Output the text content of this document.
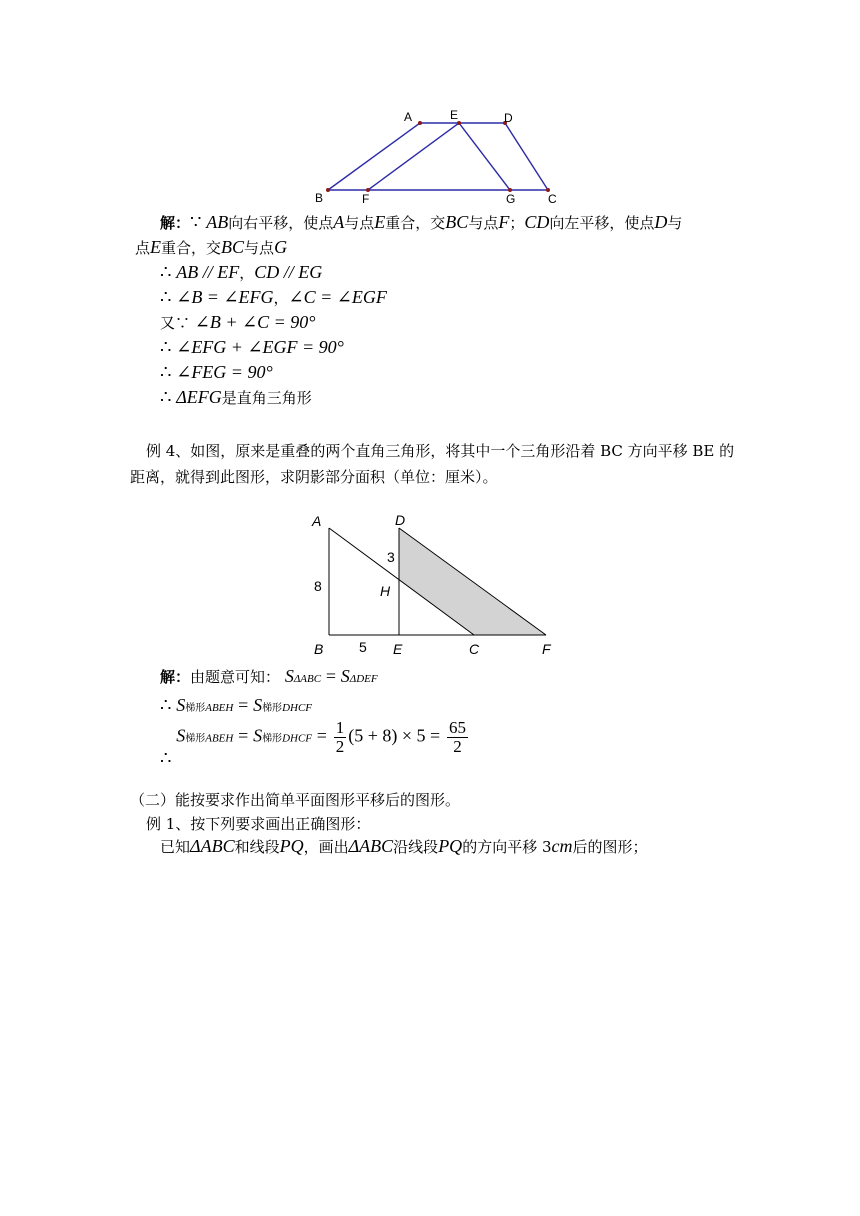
A	E	D
B	F	G	C
解：∵ AB向右平移，使点A与点E重合，交BC与点F；CD向左平移，使点D与
点E重合，交BC与点G
∴ AB // EF，CD // EG
∴ ∠B = ∠EFG，∠C = ∠EGF
又∵ ∠B + ∠C = 90°
∴ ∠EFG + ∠EGF = 90°
∴ ∠FEG = 90°
∴ ΔEFG是直角三角形
例 4、如图，原来是重叠的两个直角三角形，将其中一个三角形沿着 BC 方向平移 BE 的
距离，就得到此图形，求阴影部分面积（单位：厘米）。
A	D
H
B	E	C	F
8
3
5
解：由题意可知： SΔABC = SΔDEF
∴ S梯形ABEH = S梯形DHCF
∴ S梯形ABEH = S梯形DHCF = $\frac{1}{2} (5 + 8) \times 5 = \frac{65}{2}$
（二）能按要求作出简单平面图形平移后的图形。
例 1、按下列要求画出正确图形：
已知ΔABC和线段PQ，画出ΔABC沿线段PQ的方向平移 3cm后的图形；
